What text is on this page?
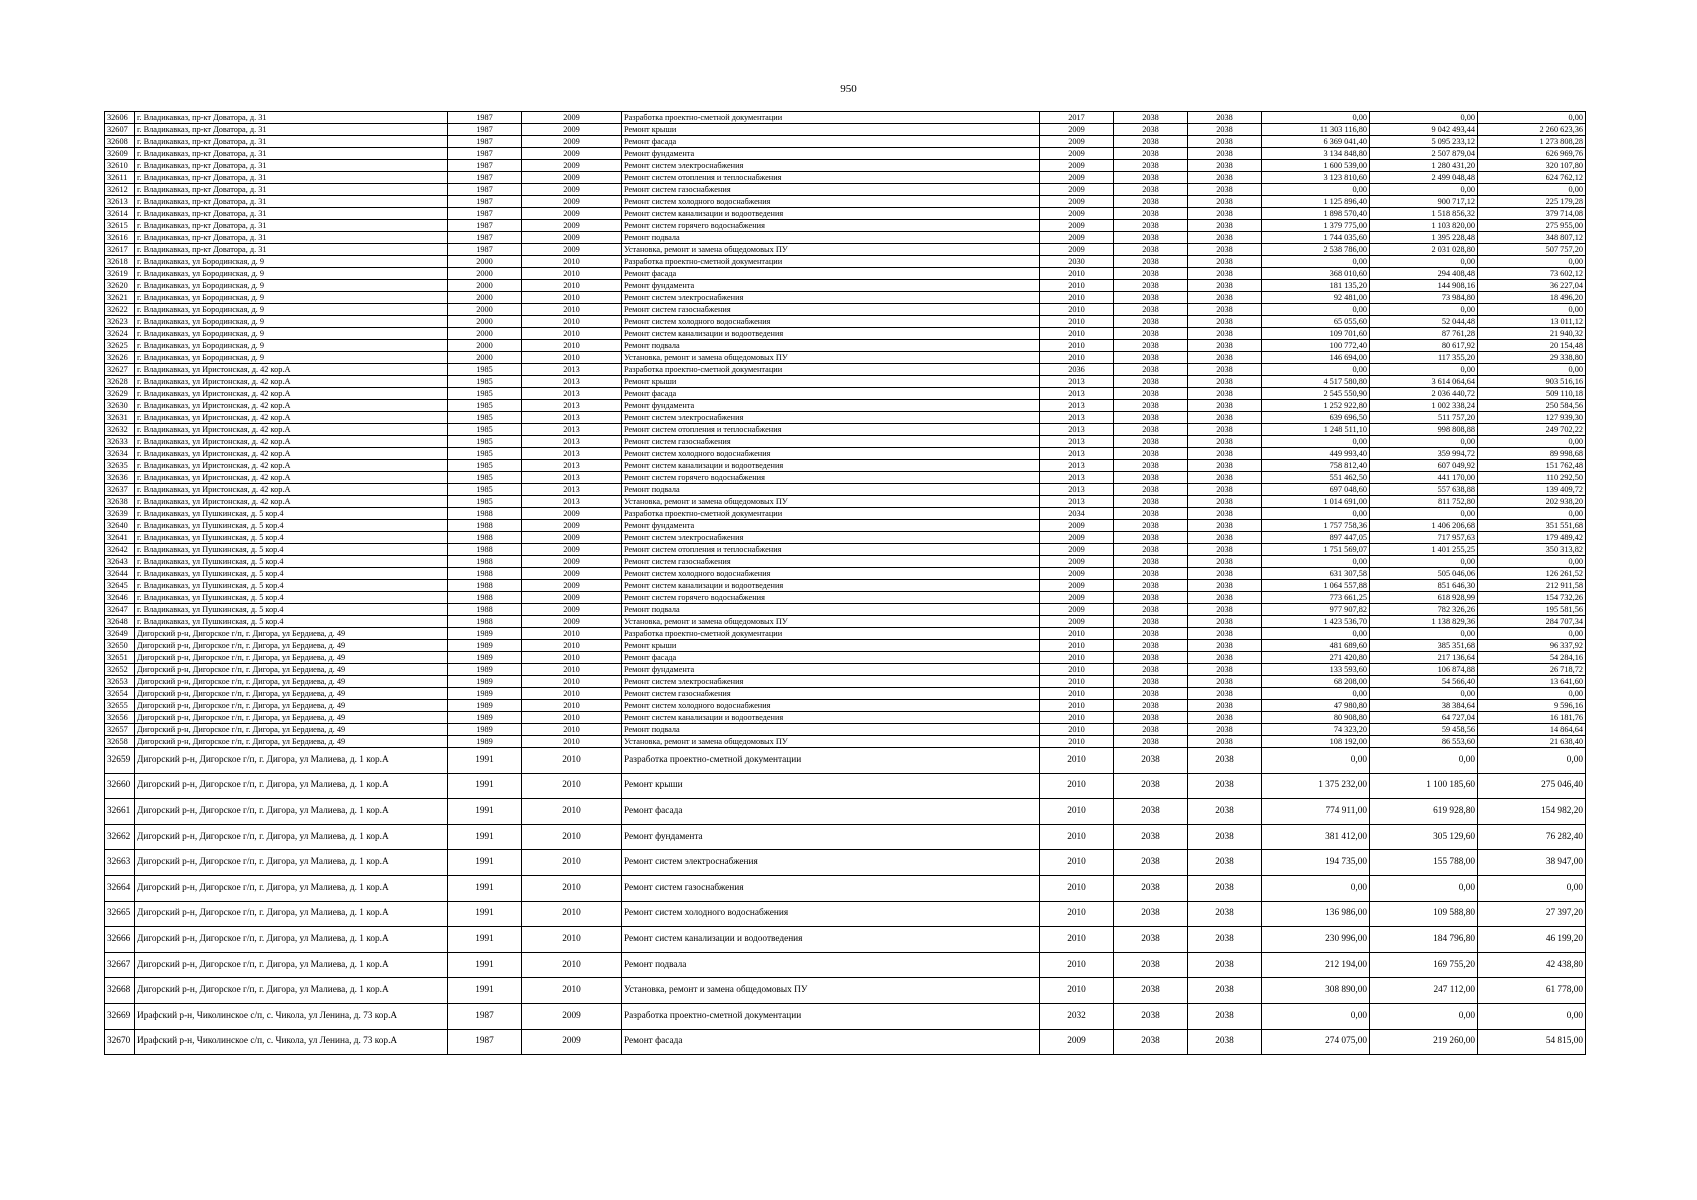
950
32606	г. Владикавказ, пр-кт Доватора, д. 31	1987	2009	Разработка проектно-сметной документации	2017	2038	2038	0,00	0,00	0,00
32607	г. Владикавказ, пр-кт Доватора, д. 31	1987	2009	Ремонт крыши	2009	2038	2038	11 303 116,80	9 042 493,44	2 260 623,36
32608	г. Владикавказ, пр-кт Доватора, д. 31	1987	2009	Ремонт фасада	2009	2038	2038	6 369 041,40	5 095 233,12	1 273 808,28
32609	г. Владикавказ, пр-кт Доватора, д. 31	1987	2009	Ремонт фундамента	2009	2038	2038	3 134 848,80	2 507 879,04	626 969,76
32610	г. Владикавказ, пр-кт Доватора, д. 31	1987	2009	Ремонт систем электроснабжения	2009	2038	2038	1 600 539,00	1 280 431,20	320 107,80
32611	г. Владикавказ, пр-кт Доватора, д. 31	1987	2009	Ремонт систем отопления и теплоснабжения	2009	2038	2038	3 123 810,60	2 499 048,48	624 762,12
32612	г. Владикавказ, пр-кт Доватора, д. 31	1987	2009	Ремонт систем газоснабжения	2009	2038	2038	0,00	0,00	0,00
32613	г. Владикавказ, пр-кт Доватора, д. 31	1987	2009	Ремонт систем холодного водоснабжения	2009	2038	2038	1 125 896,40	900 717,12	225 179,28
32614	г. Владикавказ, пр-кт Доватора, д. 31	1987	2009	Ремонт систем канализации и водоотведения	2009	2038	2038	1 898 570,40	1 518 856,32	379 714,08
32615	г. Владикавказ, пр-кт Доватора, д. 31	1987	2009	Ремонт систем горячего водоснабжения	2009	2038	2038	1 379 775,00	1 103 820,00	275 955,00
32616	г. Владикавказ, пр-кт Доватора, д. 31	1987	2009	Ремонт подвала	2009	2038	2038	1 744 035,60	1 395 228,48	348 807,12
32617	г. Владикавказ, пр-кт Доватора, д. 31	1987	2009	Установка, ремонт и замена общедомовых ПУ	2009	2038	2038	2 538 786,00	2 031 028,80	507 757,20
32618	г. Владикавказ, ул Бородинская, д. 9	2000	2010	Разработка проектно-сметной документации	2030	2038	2038	0,00	0,00	0,00
32619	г. Владикавказ, ул Бородинская, д. 9	2000	2010	Ремонт фасада	2010	2038	2038	368 010,60	294 408,48	73 602,12
32620	г. Владикавказ, ул Бородинская, д. 9	2000	2010	Ремонт фундамента	2010	2038	2038	181 135,20	144 908,16	36 227,04
32621	г. Владикавказ, ул Бородинская, д. 9	2000	2010	Ремонт систем электроснабжения	2010	2038	2038	92 481,00	73 984,80	18 496,20
32622	г. Владикавказ, ул Бородинская, д. 9	2000	2010	Ремонт систем газоснабжения	2010	2038	2038	0,00	0,00	0,00
32623	г. Владикавказ, ул Бородинская, д. 9	2000	2010	Ремонт систем холодного водоснабжения	2010	2038	2038	65 055,60	52 044,48	13 011,12
32624	г. Владикавказ, ул Бородинская, д. 9	2000	2010	Ремонт систем канализации и водоотведения	2010	2038	2038	109 701,60	87 761,28	21 940,32
32625	г. Владикавказ, ул Бородинская, д. 9	2000	2010	Ремонт подвала	2010	2038	2038	100 772,40	80 617,92	20 154,48
32626	г. Владикавказ, ул Бородинская, д. 9	2000	2010	Установка, ремонт и замена общедомовых ПУ	2010	2038	2038	146 694,00	117 355,20	29 338,80
32627	г. Владикавказ, ул Иристонская, д. 42 кор.А	1985	2013	Разработка проектно-сметной документации	2036	2038	2038	0,00	0,00	0,00
32628	г. Владикавказ, ул Иристонская, д. 42 кор.А	1985	2013	Ремонт крыши	2013	2038	2038	4 517 580,80	3 614 064,64	903 516,16
32629	г. Владикавказ, ул Иристонская, д. 42 кор.А	1985	2013	Ремонт фасада	2013	2038	2038	2 545 550,90	2 036 440,72	509 110,18
32630	г. Владикавказ, ул Иристонская, д. 42 кор.А	1985	2013	Ремонт фундамента	2013	2038	2038	1 252 922,80	1 002 338,24	250 584,56
32631	г. Владикавказ, ул Иристонская, д. 42 кор.А	1985	2013	Ремонт систем электроснабжения	2013	2038	2038	639 696,50	511 757,20	127 939,30
32632	г. Владикавказ, ул Иристонская, д. 42 кор.А	1985	2013	Ремонт систем отопления и теплоснабжения	2013	2038	2038	1 248 511,10	998 808,88	249 702,22
32633	г. Владикавказ, ул Иристонская, д. 42 кор.А	1985	2013	Ремонт систем газоснабжения	2013	2038	2038	0,00	0,00	0,00
32634	г. Владикавказ, ул Иристонская, д. 42 кор.А	1985	2013	Ремонт систем холодного водоснабжения	2013	2038	2038	449 993,40	359 994,72	89 998,68
32635	г. Владикавказ, ул Иристонская, д. 42 кор.А	1985	2013	Ремонт систем канализации и водоотведения	2013	2038	2038	758 812,40	607 049,92	151 762,48
32636	г. Владикавказ, ул Иристонская, д. 42 кор.А	1985	2013	Ремонт систем горячего водоснабжения	2013	2038	2038	551 462,50	441 170,00	110 292,50
32637	г. Владикавказ, ул Иристонская, д. 42 кор.А	1985	2013	Ремонт подвала	2013	2038	2038	697 048,60	557 638,88	139 409,72
32638	г. Владикавказ, ул Иристонская, д. 42 кор.А	1985	2013	Установка, ремонт и замена общедомовых ПУ	2013	2038	2038	1 014 691,00	811 752,80	202 938,20
32639	г. Владикавказ, ул Пушкинская, д. 5 кор.4	1988	2009	Разработка проектно-сметной документации	2034	2038	2038	0,00	0,00	0,00
32640	г. Владикавказ, ул Пушкинская, д. 5 кор.4	1988	2009	Ремонт фундамента	2009	2038	2038	1 757 758,36	1 406 206,68	351 551,68
32641	г. Владикавказ, ул Пушкинская, д. 5 кор.4	1988	2009	Ремонт систем электроснабжения	2009	2038	2038	897 447,05	717 957,63	179 489,42
32642	г. Владикавказ, ул Пушкинская, д. 5 кор.4	1988	2009	Ремонт систем отопления и теплоснабжения	2009	2038	2038	1 751 569,07	1 401 255,25	350 313,82
32643	г. Владикавказ, ул Пушкинская, д. 5 кор.4	1988	2009	Ремонт систем газоснабжения	2009	2038	2038	0,00	0,00	0,00
32644	г. Владикавказ, ул Пушкинская, д. 5 кор.4	1988	2009	Ремонт систем холодного водоснабжения	2009	2038	2038	631 307,58	505 046,06	126 261,52
32645	г. Владикавказ, ул Пушкинская, д. 5 кор.4	1988	2009	Ремонт систем канализации и водоотведения	2009	2038	2038	1 064 557,88	851 646,30	212 911,58
32646	г. Владикавказ, ул Пушкинская, д. 5 кор.4	1988	2009	Ремонт систем горячего водоснабжения	2009	2038	2038	773 661,25	618 928,99	154 732,26
32647	г. Владикавказ, ул Пушкинская, д. 5 кор.4	1988	2009	Ремонт подвала	2009	2038	2038	977 907,82	782 326,26	195 581,56
32648	г. Владикавказ, ул Пушкинская, д. 5 кор.4	1988	2009	Установка, ремонт и замена общедомовых ПУ	2009	2038	2038	1 423 536,70	1 138 829,36	284 707,34
32649	Дигорский р-н, Дигорское г/п, г. Дигора, ул Бердиева, д. 49	1989	2010	Разработка проектно-сметной документации	2010	2038	2038	0,00	0,00	0,00
32650	Дигорский р-н, Дигорское г/п, г. Дигора, ул Бердиева, д. 49	1989	2010	Ремонт крыши	2010	2038	2038	481 689,60	385 351,68	96 337,92
32651	Дигорский р-н, Дигорское г/п, г. Дигора, ул Бердиева, д. 49	1989	2010	Ремонт фасада	2010	2038	2038	271 420,80	217 136,64	54 284,16
32652	Дигорский р-н, Дигорское г/п, г. Дигора, ул Бердиева, д. 49	1989	2010	Ремонт фундамента	2010	2038	2038	133 593,60	106 874,88	26 718,72
32653	Дигорский р-н, Дигорское г/п, г. Дигора, ул Бердиева, д. 49	1989	2010	Ремонт систем электроснабжения	2010	2038	2038	68 208,00	54 566,40	13 641,60
32654	Дигорский р-н, Дигорское г/п, г. Дигора, ул Бердиева, д. 49	1989	2010	Ремонт систем газоснабжения	2010	2038	2038	0,00	0,00	0,00
32655	Дигорский р-н, Дигорское г/п, г. Дигора, ул Бердиева, д. 49	1989	2010	Ремонт систем холодного водоснабжения	2010	2038	2038	47 980,80	38 384,64	9 596,16
32656	Дигорский р-н, Дигорское г/п, г. Дигора, ул Бердиева, д. 49	1989	2010	Ремонт систем канализации и водоотведения	2010	2038	2038	80 908,80	64 727,04	16 181,76
32657	Дигорский р-н, Дигорское г/п, г. Дигора, ул Бердиева, д. 49	1989	2010	Ремонт подвала	2010	2038	2038	74 323,20	59 458,56	14 864,64
32658	Дигорский р-н, Дигорское г/п, г. Дигора, ул Бердиева, д. 49	1989	2010	Установка, ремонт и замена общедомовых ПУ	2010	2038	2038	108 192,00	86 553,60	21 638,40
32659	Дигорский р-н, Дигорское г/п, г. Дигора, ул Малиева, д. 1 кор.А	1991	2010	Разработка проектно-сметной документации	2010	2038	2038	0,00	0,00	0,00
32660	Дигорский р-н, Дигорское г/п, г. Дигора, ул Малиева, д. 1 кор.А	1991	2010	Ремонт крыши	2010	2038	2038	1 375 232,00	1 100 185,60	275 046,40
32661	Дигорский р-н, Дигорское г/п, г. Дигора, ул Малиева, д. 1 кор.А	1991	2010	Ремонт фасада	2010	2038	2038	774 911,00	619 928,80	154 982,20
32662	Дигорский р-н, Дигорское г/п, г. Дигора, ул Малиева, д. 1 кор.А	1991	2010	Ремонт фундамента	2010	2038	2038	381 412,00	305 129,60	76 282,40
32663	Дигорский р-н, Дигорское г/п, г. Дигора, ул Малиева, д. 1 кор.А	1991	2010	Ремонт систем электроснабжения	2010	2038	2038	194 735,00	155 788,00	38 947,00
32664	Дигорский р-н, Дигорское г/п, г. Дигора, ул Малиева, д. 1 кор.А	1991	2010	Ремонт систем газоснабжения	2010	2038	2038	0,00	0,00	0,00
32665	Дигорский р-н, Дигорское г/п, г. Дигора, ул Малиева, д. 1 кор.А	1991	2010	Ремонт систем холодного водоснабжения	2010	2038	2038	136 986,00	109 588,80	27 397,20
32666	Дигорский р-н, Дигорское г/п, г. Дигора, ул Малиева, д. 1 кор.А	1991	2010	Ремонт систем канализации и водоотведения	2010	2038	2038	230 996,00	184 796,80	46 199,20
32667	Дигорский р-н, Дигорское г/п, г. Дигора, ул Малиева, д. 1 кор.А	1991	2010	Ремонт подвала	2010	2038	2038	212 194,00	169 755,20	42 438,80
32668	Дигорский р-н, Дигорское г/п, г. Дигора, ул Малиева, д. 1 кор.А	1991	2010	Установка, ремонт и замена общедомовых ПУ	2010	2038	2038	308 890,00	247 112,00	61 778,00
32669	Ирафский р-н, Чиколинское с/п, с. Чикола, ул Ленина, д. 73 кор.А	1987	2009	Разработка проектно-сметной документации	2032	2038	2038	0,00	0,00	0,00
32670	Ирафский р-н, Чиколинское с/п, с. Чикола, ул Ленина, д. 73 кор.А	1987	2009	Ремонт фасада	2009	2038	2038	274 075,00	219 260,00	54 815,00
